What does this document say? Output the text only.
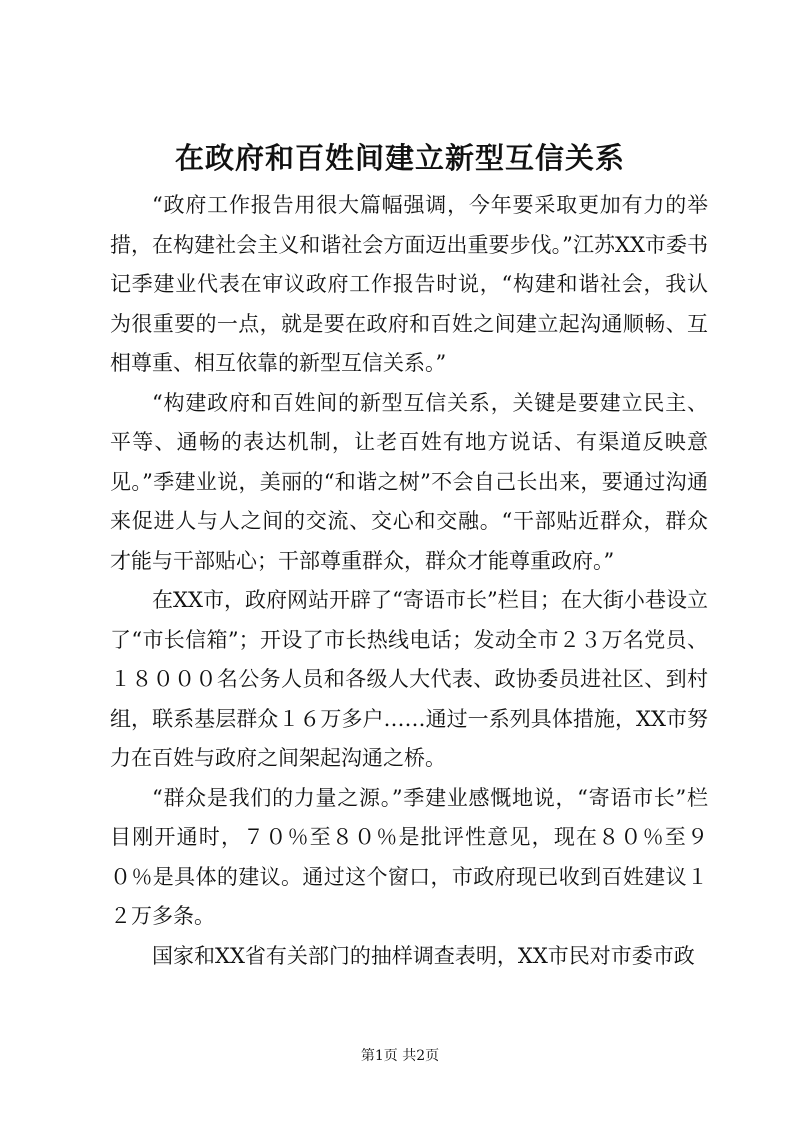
在政府和百姓间建立新型互信关系

“政府工作报告用很大篇幅强调，今年要采取更加有力的举措，在构建社会主义和谐社会方面迈出重要步伐。”江苏XX市委书记季建业代表在审议政府工作报告时说，“构建和谐社会，我认为很重要的一点，就是要在政府和百姓之间建立起沟通顺畅、互相尊重、相互依靠的新型互信关系。”

“构建政府和百姓间的新型互信关系，关键是要建立民主、平等、通畅的表达机制，让老百姓有地方说话、有渠道反映意见。”季建业说，美丽的“和谐之树”不会自己长出来，要通过沟通来促进人与人之间的交流、交心和交融。“干部贴近群众，群众才能与干部贴心；干部尊重群众，群众才能尊重政府。”

在XX市，政府网站开辟了“寄语市长”栏目；在大街小巷设立了“市长信箱”；开设了市长热线电话；发动全市２３万名党员、１８０００名公务人员和各级人大代表、政协委员进社区、到村组，联系基层群众１６万多户……通过一系列具体措施，XX市努力在百姓与政府之间架起沟通之桥。

“群众是我们的力量之源。”季建业感慨地说，“寄语市长”栏目刚开通时，７０％至８０％是批评性意见，现在８０％至９０％是具体的建议。通过这个窗口，市政府现已收到百姓建议１２万多条。

国家和XX省有关部门的抽样调查表明，XX市民对市委市政

第1页 共2页
